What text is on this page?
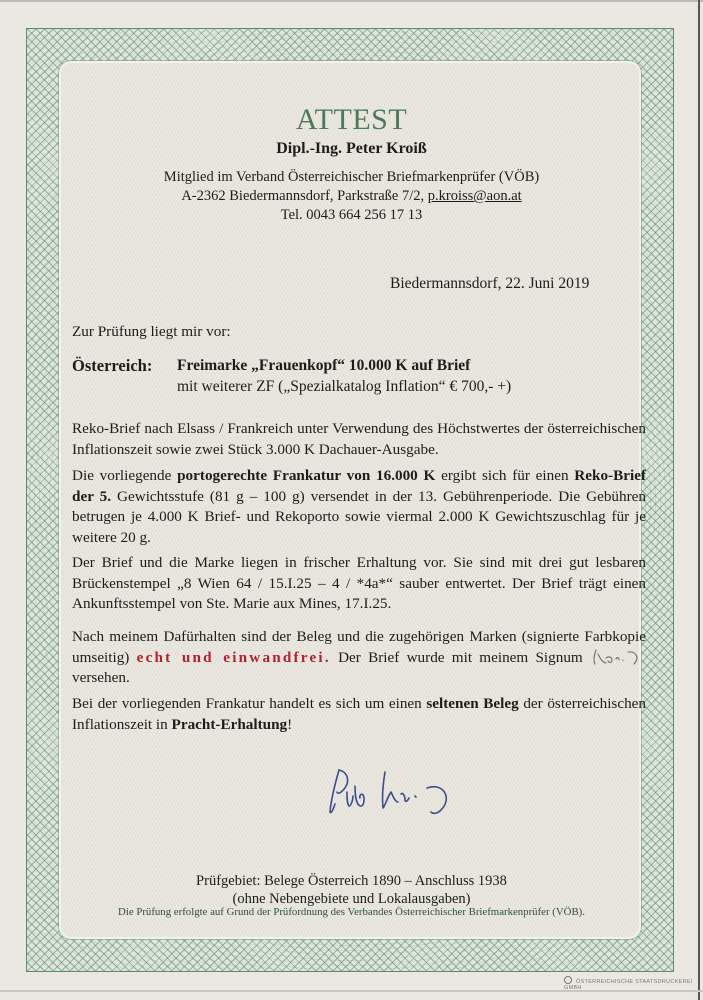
ATTEST
Dipl.-Ing. Peter Kroiß
Mitglied im Verband Österreichischer Briefmarkenprüfer (VÖB)
A-2362 Biedermannsdorf, Parkstraße 7/2, p.kroiss@aon.at
Tel. 0043 664 256 17 13
Biedermannsdorf, 22. Juni 2019
Zur Prüfung liegt mir vor:
Österreich: Freimarke „Frauenkopf“ 10.000 K auf Brief
mit weiterer ZF („Spezialkatalog Inflation“ € 700,- +)
Reko-Brief nach Elsass / Frankreich unter Verwendung des Höchstwertes der österreichischen Inflationszeit sowie zwei Stück 3.000 K Dachauer-Ausgabe.
Die vorliegende portogerechte Frankatur von 16.000 K ergibt sich für einen Reko-Brief der 5. Gewichtsstufe (81 g – 100 g) versendet in der 13. Gebührenperiode. Die Gebühren betrugen je 4.000 K Brief- und Rekoporto sowie viermal 2.000 K Gewichtszuschlag für je weitere 20 g.
Der Brief und die Marke liegen in frischer Erhaltung vor. Sie sind mit drei gut lesbaren Brückenstempel „8 Wien 64 / 15.I.25 – 4 / *4a*“ sauber entwertet. Der Brief trägt einen Ankunftsstempel von Ste. Marie aux Mines, 17.I.25.
Nach meinem Dafürhalten sind der Beleg und die zugehörigen Marken (signierte Farbkopie umseitig) echt und einwandfrei. Der Brief wurde mit meinem Signum  versehen.
Bei der vorliegenden Frankatur handelt es sich um einen seltenen Beleg der österreichischen Inflationszeit in Pracht-Erhaltung!
Prüfgebiet: Belege Österreich 1890 – Anschluss 1938
(ohne Nebengebiete und Lokalausgaben)
Die Prüfung erfolgte auf Grund der Prüfordnung des Verbandes Österreichischer Briefmarkenprüfer (VÖB).
ÖSTERREICHISCHE STAATSDRUCKEREI GMBH
